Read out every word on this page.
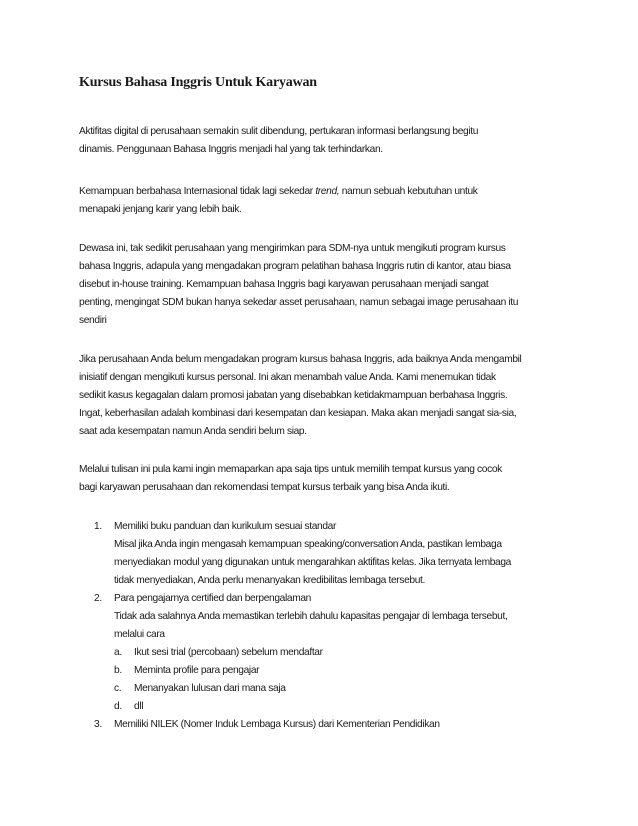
Kursus Bahasa Inggris Untuk Karyawan
Aktifitas digital di perusahaan semakin sulit dibendung, pertukaran informasi berlangsung begitu
dinamis. Penggunaan Bahasa Inggris menjadi hal yang tak terhindarkan.
Kemampuan berbahasa Internasional tidak lagi sekedar trend, namun sebuah kebutuhan untuk
menapaki jenjang karir yang lebih baik.
Dewasa ini, tak sedikit perusahaan yang mengirimkan para SDM-nya untuk mengikuti program kursus
bahasa Inggris, adapula yang mengadakan program pelatihan bahasa Inggris rutin di kantor, atau biasa
disebut in-house training. Kemampuan bahasa Inggris bagi karyawan perusahaan menjadi sangat
penting, mengingat SDM bukan hanya sekedar asset perusahaan, namun sebagai image perusahaan itu
sendiri
Jika perusahaan Anda belum mengadakan program kursus bahasa Inggris, ada baiknya Anda mengambil
inisiatif dengan mengikuti kursus personal. Ini akan menambah value Anda. Kami menemukan tidak
sedikit kasus kegagalan dalam promosi jabatan yang disebabkan ketidakmampuan berbahasa Inggris.
Ingat, keberhasilan adalah kombinasi dari kesempatan dan kesiapan. Maka akan menjadi sangat sia-sia,
saat ada kesempatan namun Anda sendiri belum siap.
Melalui tulisan ini pula kami ingin memaparkan apa saja tips untuk memilih tempat kursus yang cocok
bagi karyawan perusahaan dan rekomendasi tempat kursus terbaik yang bisa Anda ikuti.
1. Memiliki buku panduan dan kurikulum sesuai standar
Misal jika Anda ingin mengasah kemampuan speaking/conversation Anda, pastikan lembaga
menyediakan modul yang digunakan untuk mengarahkan aktifitas kelas. Jika ternyata lembaga
tidak menyediakan, Anda perlu menanyakan kredibilitas lembaga tersebut.
2. Para pengajarnya certified dan berpengalaman
Tidak ada salahnya Anda memastikan terlebih dahulu kapasitas pengajar di lembaga tersebut,
melalui cara
a. Ikut sesi trial (percobaan) sebelum mendaftar
b. Meminta profile para pengajar
c. Menanyakan lulusan dari mana saja
d. dll
3. Memiliki NILEK (Nomer Induk Lembaga Kursus) dari Kementerian Pendidikan
